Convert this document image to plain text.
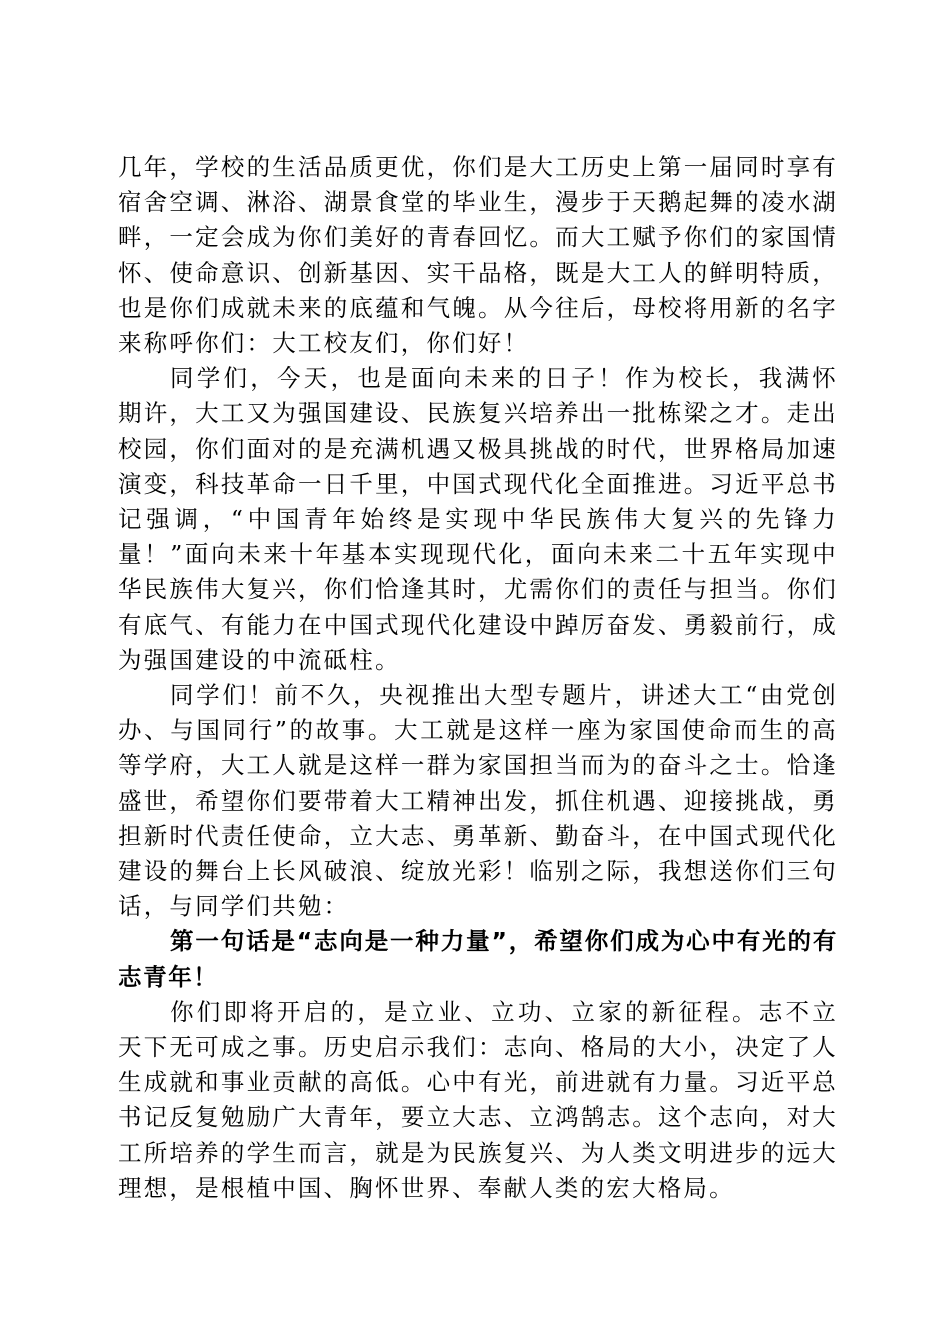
几年，学校的生活品质更优，你们是大工历史上第一届同时享有宿舍空调、淋浴、湖景食堂的毕业生，漫步于天鹅起舞的凌水湖畔，一定会成为你们美好的青春回忆。而大工赋予你们的家国情怀、使命意识、创新基因、实干品格，既是大工人的鲜明特质，也是你们成就未来的底蕴和气魄。从今往后，母校将用新的名字来称呼你们：大工校友们，你们好！

同学们，今天，也是面向未来的日子！作为校长，我满怀期许，大工又为强国建设、民族复兴培养出一批栋梁之才。走出校园，你们面对的是充满机遇又极具挑战的时代，世界格局加速演变，科技革命一日千里，中国式现代化全面推进。习近平总书记强调，“中国青年始终是实现中华民族伟大复兴的先锋力量！”面向未来十年基本实现现代化，面向未来二十五年实现中华民族伟大复兴，你们恰逢其时，尤需你们的责任与担当。你们有底气、有能力在中国式现代化建设中踔厉奋发、勇毅前行，成为强国建设的中流砥柱。

同学们！前不久，央视推出大型专题片，讲述大工“由党创办、与国同行”的故事。大工就是这样一座为家国使命而生的高等学府，大工人就是这样一群为家国担当而为的奋斗之士。恰逢盛世，希望你们要带着大工精神出发，抓住机遇、迎接挑战，勇担新时代责任使命，立大志、勇革新、勤奋斗，在中国式现代化建设的舞台上长风破浪、绽放光彩！临别之际，我想送你们三句话，与同学们共勉：

第一句话是“志向是一种力量”，希望你们成为心中有光的有志青年！

你们即将开启的，是立业、立功、立家的新征程。志不立天下无可成之事。历史启示我们：志向、格局的大小，决定了人生成就和事业贡献的高低。心中有光，前进就有力量。习近平总书记反复勉励广大青年，要立大志、立鸿鹄志。这个志向，对大工所培养的学生而言，就是为民族复兴、为人类文明进步的远大理想，是根植中国、胸怀世界、奉献人类的宏大格局。
